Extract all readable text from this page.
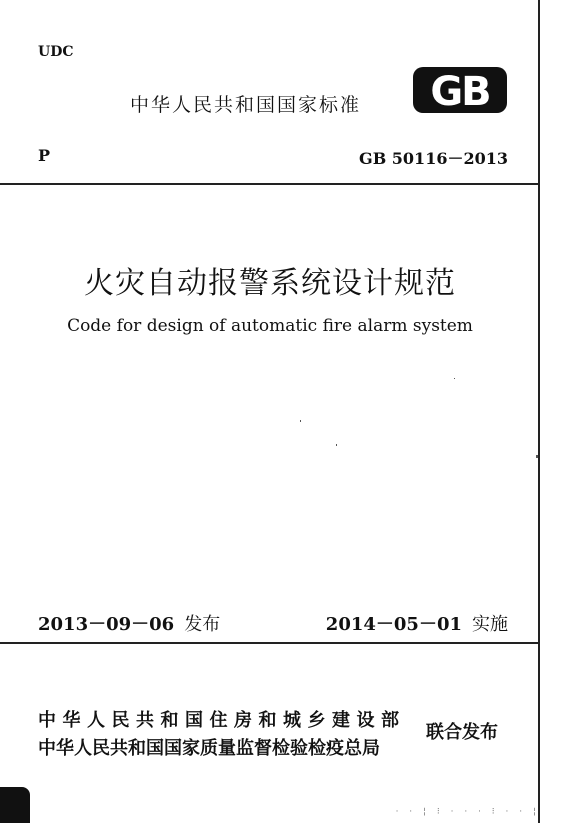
UDC
中华人民共和国国家标准 GB
P	GB 50116－2013
火灾自动报警系统设计规范
Code for design of automatic fire alarm system
2013－09－06 发布	2014－05－01 实施
中华人民共和国住房和城乡建设部
中华人民共和国国家质量监督检验检疫总局
联合发布
· · ¦ ⁝ · · · ⁝ · · ¦
